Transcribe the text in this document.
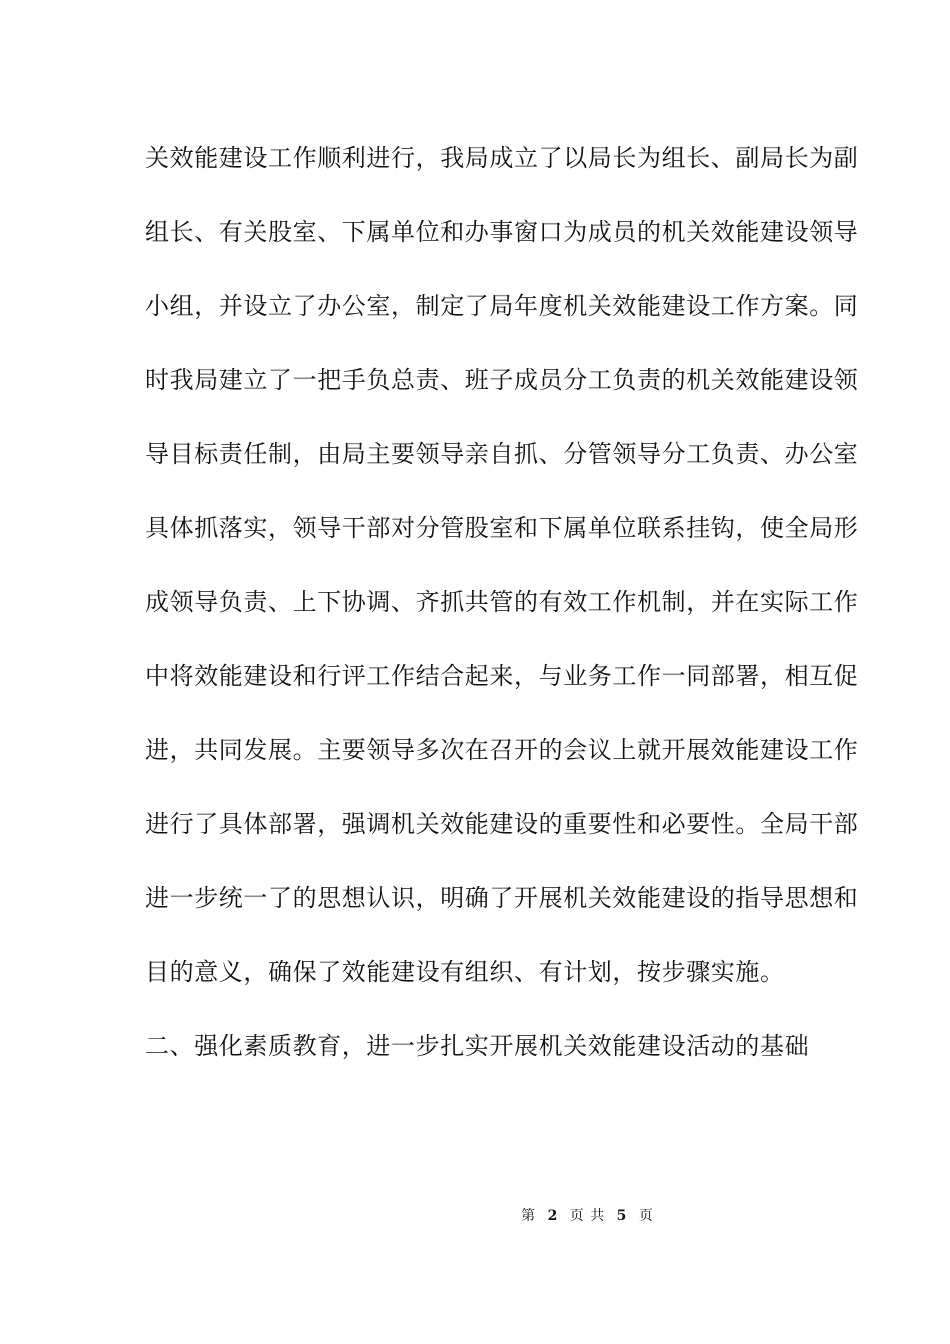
关效能建设工作顺利进行，我局成立了以局长为组长、副局长为副
组长、有关股室、下属单位和办事窗口为成员的机关效能建设领导
小组，并设立了办公室，制定了局年度机关效能建设工作方案。同
时我局建立了一把手负总责、班子成员分工负责的机关效能建设领
导目标责任制，由局主要领导亲自抓、分管领导分工负责、办公室
具体抓落实，领导干部对分管股室和下属单位联系挂钩，使全局形
成领导负责、上下协调、齐抓共管的有效工作机制，并在实际工作
中将效能建设和行评工作结合起来，与业务工作一同部署，相互促
进，共同发展。主要领导多次在召开的会议上就开展效能建设工作
进行了具体部署，强调机关效能建设的重要性和必要性。全局干部
进一步统一了的思想认识，明确了开展机关效能建设的指导思想和
目的意义，确保了效能建设有组织、有计划，按步骤实施。
二、强化素质教育，进一步扎实开展机关效能建设活动的基础
第 2 页 共 5 页
